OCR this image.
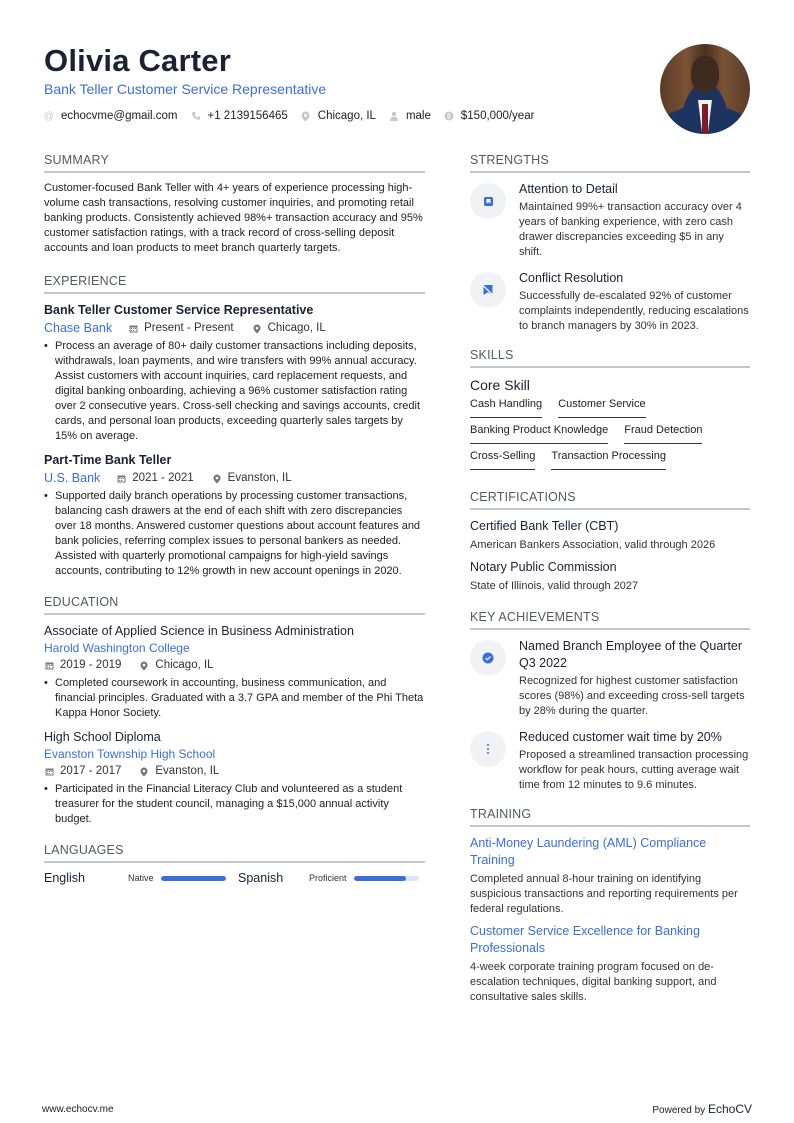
Olivia Carter
Bank Teller Customer Service Representative
@ echocvme@gmail.com	+1 2139156465	Chicago, IL	male $ $150,000/year
SUMMARY
Customer-focused Bank Teller with 4+ years of experience processing high-volume cash transactions, resolving customer inquiries, and promoting retail banking products. Consistently achieved 98%+ transaction accuracy and 95% customer satisfaction ratings, with a track record of cross-selling deposit accounts and loan products to meet branch quarterly targets.
EXPERIENCE
Bank Teller Customer Service Representative
Chase Bank	Present - Present	Chicago, IL
• Process an average of 80+ daily customer transactions including deposits, withdrawals, loan payments, and wire transfers with 99% annual accuracy. Assist customers with account inquiries, card replacement requests, and digital banking onboarding, achieving a 96% customer satisfaction rating over 2 consecutive years. Cross-sell checking and savings accounts, credit cards, and personal loan products, exceeding quarterly sales targets by 15% on average.
Part-Time Bank Teller
U.S. Bank	2021 - 2021	Evanston, IL
• Supported daily branch operations by processing customer transactions, balancing cash drawers at the end of each shift with zero discrepancies over 18 months. Answered customer questions about account features and bank policies, referring complex issues to personal bankers as needed. Assisted with quarterly promotional campaigns for high-yield savings accounts, contributing to 12% growth in new account openings in 2020.
EDUCATION
Associate of Applied Science in Business Administration
Harold Washington College
2019 - 2019	Chicago, IL
• Completed coursework in accounting, business communication, and financial principles. Graduated with a 3.7 GPA and member of the Phi Theta Kappa Honor Society.
High School Diploma
Evanston Township High School
2017 - 2017	Evanston, IL
• Participated in the Financial Literacy Club and volunteered as a student treasurer for the student council, managing a $15,000 annual activity budget.
LANGUAGES
English	Native	Spanish	Proficient
STRENGTHS
Attention to Detail
Maintained 99%+ transaction accuracy over 4 years of banking experience, with zero cash drawer discrepancies exceeding $5 in any shift.
Conflict Resolution
Successfully de-escalated 92% of customer complaints independently, reducing escalations to branch managers by 30% in 2023.
SKILLS
Core Skill
Cash Handling Customer Service
Banking Product Knowledge Fraud Detection
Cross-Selling Transaction Processing
CERTIFICATIONS
Certified Bank Teller (CBT)
American Bankers Association, valid through 2026
Notary Public Commission
State of Illinois, valid through 2027
KEY ACHIEVEMENTS
Named Branch Employee of the Quarter Q3 2022
Recognized for highest customer satisfaction scores (98%) and exceeding cross-sell targets by 28% during the quarter.
Reduced customer wait time by 20%
Proposed a streamlined transaction processing workflow for peak hours, cutting average wait time from 12 minutes to 9.6 minutes.
TRAINING
Anti-Money Laundering (AML) Compliance Training
Completed annual 8-hour training on identifying suspicious transactions and reporting requirements per federal regulations.
Customer Service Excellence for Banking Professionals
4-week corporate training program focused on de-escalation techniques, digital banking support, and consultative sales skills.
www.echocv.me	Powered by EchoCV
